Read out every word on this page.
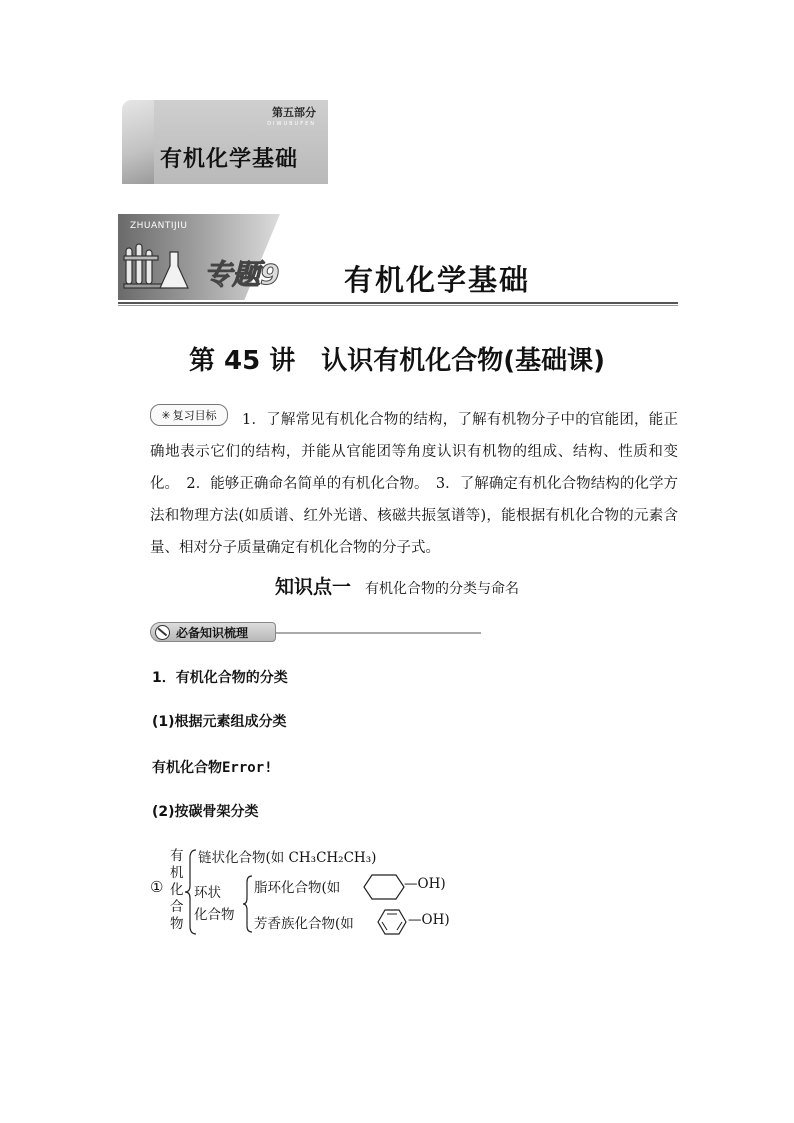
第五部分
DIWUBUFEN
有机化学基础
ZHUANTIJIU
专题9 有机化学基础
第 45 讲　认识有机化合物(基础课)
✳ 复习目标	1．了解常见有机化合物的结构，了解有机物分子中的官能团，能正确地表示它们的结构，并能从官能团等角度认识有机物的组成、结构、性质和变化。　2．能够正确命名简单的有机化合物。　3．了解确定有机化合物结构的化学方法和物理方法(如质谱、红外光谱、核磁共振氢谱等)，能根据有机化合物的元素含量、相对分子质量确定有机化合物的分子式。
知识点一 有机化合物的分类与命名
必备知识梳理
1．有机化合物的分类
(1)根据元素组成分类
有机化合物Error!
(2)按碳骨架分类
①
有
机
化
合
物
链状化合物(如 CH₃CH₂CH₃)
环状
化合物
脂环化合物(如	—OH)
芳香族化合物(如	—OH)
